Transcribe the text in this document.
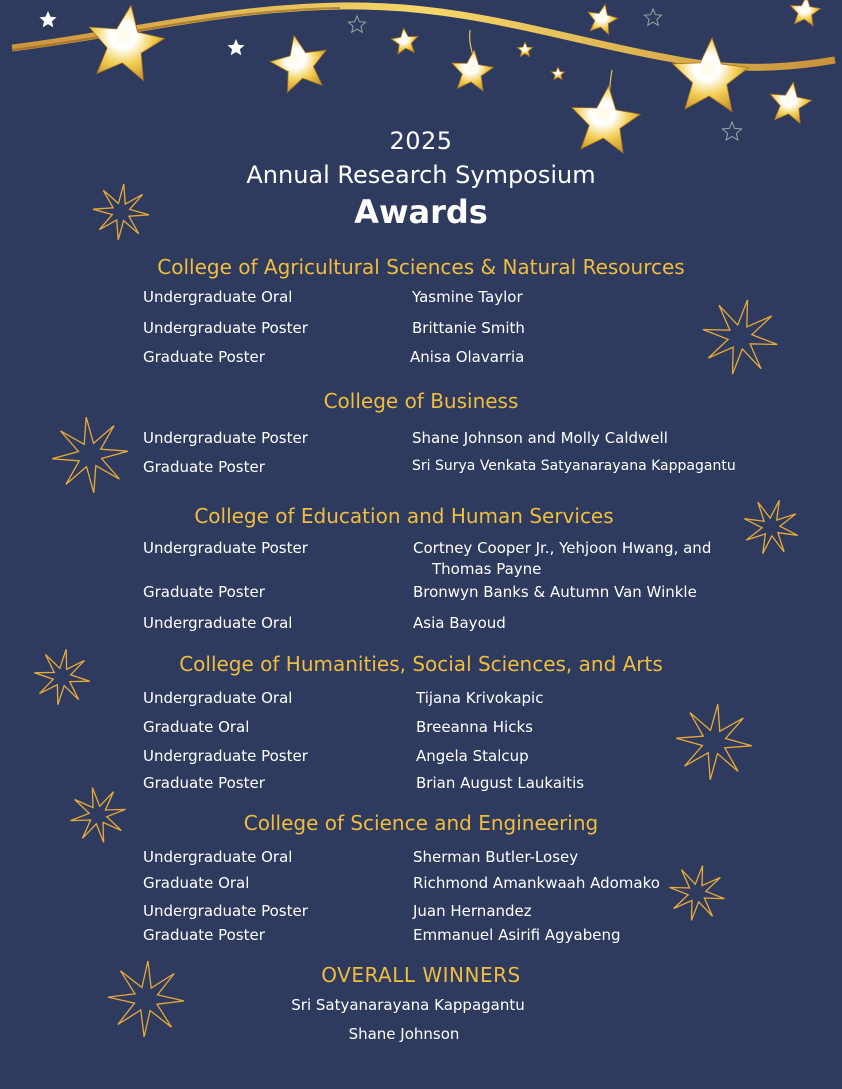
2025
Annual Research Symposium
Awards
College of Agricultural Sciences & Natural Resources
Undergraduate Oral	Yasmine Taylor
Undergraduate Poster	Brittanie Smith
Graduate Poster	Anisa Olavarria
College of Business
Undergraduate Poster	Shane Johnson and Molly Caldwell
Graduate Poster	Sri Surya Venkata Satyanarayana Kappagantu
College of Education and Human Services
Undergraduate Poster	Cortney Cooper Jr., Yehjoon Hwang, and
Thomas Payne
Graduate Poster	Bronwyn Banks & Autumn Van Winkle
Undergraduate Oral	Asia Bayoud
College of Humanities, Social Sciences, and Arts
Undergraduate Oral	Tijana Krivokapic
Graduate Oral	Breeanna Hicks
Undergraduate Poster	Angela Stalcup
Graduate Poster	Brian August Laukaitis
College of Science and Engineering
Undergraduate Oral	Sherman Butler-Losey
Graduate Oral	Richmond Amankwaah Adomako
Undergraduate Poster	Juan Hernandez
Graduate Poster	Emmanuel Asirifi Agyabeng
OVERALL WINNERS
Sri Satyanarayana Kappagantu
Shane Johnson
